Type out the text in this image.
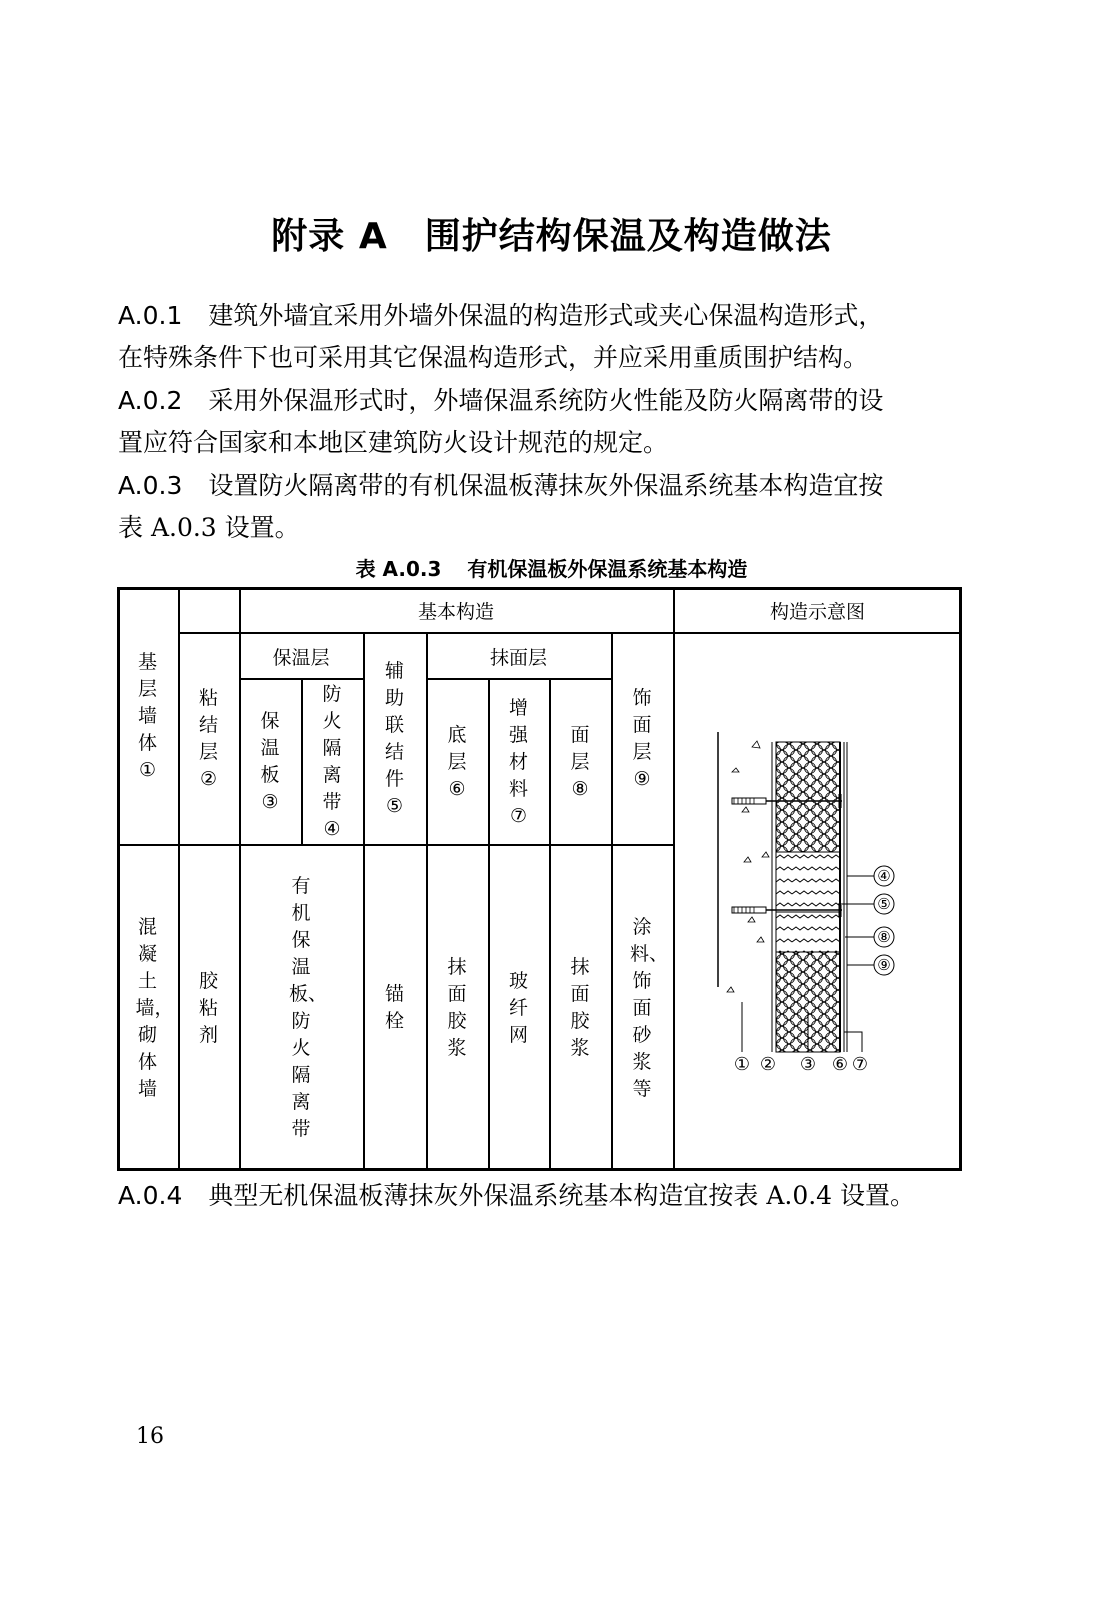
附录 A　围护结构保温及构造做法
A.0.1 建筑外墙宜采用外墙外保温的构造形式或夹心保温构造形式，
在特殊条件下也可采用其它保温构造形式，并应采用重质围护结构。
A.0.2 采用外保温形式时，外墙保温系统防火性能及防火隔离带的设
置应符合国家和本地区建筑防火设计规范的规定。
A.0.3 设置防火隔离带的有机保温板薄抹灰外保温系统基本构造宜按
表 A.0.3 设置。
表 A.0.3 有机保温板外保温系统基本构造
基本构造	构造示意图
保温层	抹面层
基层墙体①
粘结层②
保温板③
防火隔离带④
辅助联结件⑤
底层⑥
增强材料⑦
面层⑧
饰面层⑨
混凝土墙，砌体墙
胶粘剂
有机保温板、防火隔离带
锚栓
抹面胶浆
玻纤网
抹面胶浆
涂料、饰面砂浆等
④
⑤
⑧
⑨
① ② ③ ⑥ ⑦
A.0.4 典型无机保温板薄抹灰外保温系统基本构造宜按表 A.0.4 设置。
16
